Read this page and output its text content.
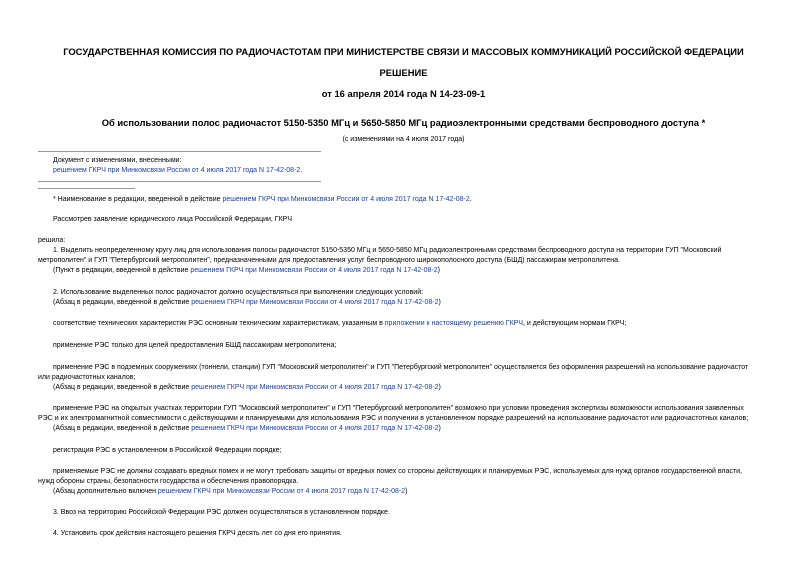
ГОСУДАРСТВЕННАЯ КОМИССИЯ ПО РАДИОЧАСТОТАМ ПРИ МИНИСТЕРСТВЕ СВЯЗИ И МАССОВЫХ КОММУНИКАЦИЙ РОССИЙСКОЙ ФЕДЕРАЦИИ
РЕШЕНИЕ
от 16 апреля 2014 года N 14-23-09-1
Об использовании полос радиочастот 5150-5350 МГц и 5650-5850 МГц радиоэлектронными средствами беспроводного доступа *
(с изменениями на 4 июля 2017 года)
Документ с изменениями, внесенными:
решением ГКРЧ при Минкомсвязи России от 4 июля 2017 года N 17-42-08-2.
* Наименование в редакции, введенной в действие решением ГКРЧ при Минкомсвязи России от 4 июля 2017 года N 17-42-08-2.
Рассмотрев заявление юридического лица Российской Федерации, ГКРЧ
решила:
1. Выделить неопределенному кругу лиц для использования полосы радиочастот 5150-5350 МГц и 5650-5850 МГц радиоэлектронными средствами беспроводного доступа на территории ГУП "Московский
метрополитен" и ГУП "Петербургский метрополитен", предназначенными для предоставления услуг беспроводного широкополосного доступа (БШД) пассажирам метрополитена.
(Пункт в редакции, введенной в действие решением ГКРЧ при Минкомсвязи России от 4 июля 2017 года N 17-42-08-2)
2. Использование выделенных полос радиочастот должно осуществляться при выполнении следующих условий:
(Абзац в редакции, введенной в действие решением ГКРЧ при Минкомсвязи России от 4 июля 2017 года N 17-42-08-2)
соответствие технических характеристик РЭС основным техническим характеристикам, указанным в приложении к настоящему решению ГКРЧ, и действующим нормам ГКРЧ;
применение РЭС только для целей предоставления БШД пассажирам метрополитена;
применение РЭС в подземных сооружениях (тоннели, станции) ГУП "Московский метрополитен" и ГУП "Петербургский метрополитен" осуществляется без оформления разрешений на использование радиочастот
или радиочастотных каналов;
(Абзац в редакции, введенной в действие решением ГКРЧ при Минкомсвязи России от 4 июля 2017 года N 17-42-08-2)
применение РЭС на открытых участках территории ГУП "Московский метрополитен" и ГУП "Петербургский метрополитен" возможно при условии проведения экспертизы возможности использования заявленных
РЭС и их электромагнитной совместимости с действующими и планируемыми для использования РЭС и получении в установленном порядке разрешений на использование радиочастот или радиочастотных каналов;
(Абзац в редакции, введенной в действие решением ГКРЧ при Минкомсвязи России от 4 июля 2017 года N 17-42-08-2)
регистрация РЭС в установленном в Российской Федерации порядке;
применяемые РЭС не должны создавать вредных помех и не могут требовать защиты от вредных помех со стороны действующих и планируемых РЭС, используемых для нужд органов государственной власти,
нужд обороны страны, безопасности государства и обеспечения правопорядка.
(Абзац дополнительно включен решением ГКРЧ при Минкомсвязи России от 4 июля 2017 года N 17-42-08-2)
3. Ввоз на территорию Российской Федерации РЭС должен осуществляться в установленном порядке.
4. Установить срок действия настоящего решения ГКРЧ десять лет со дня его принятия.
